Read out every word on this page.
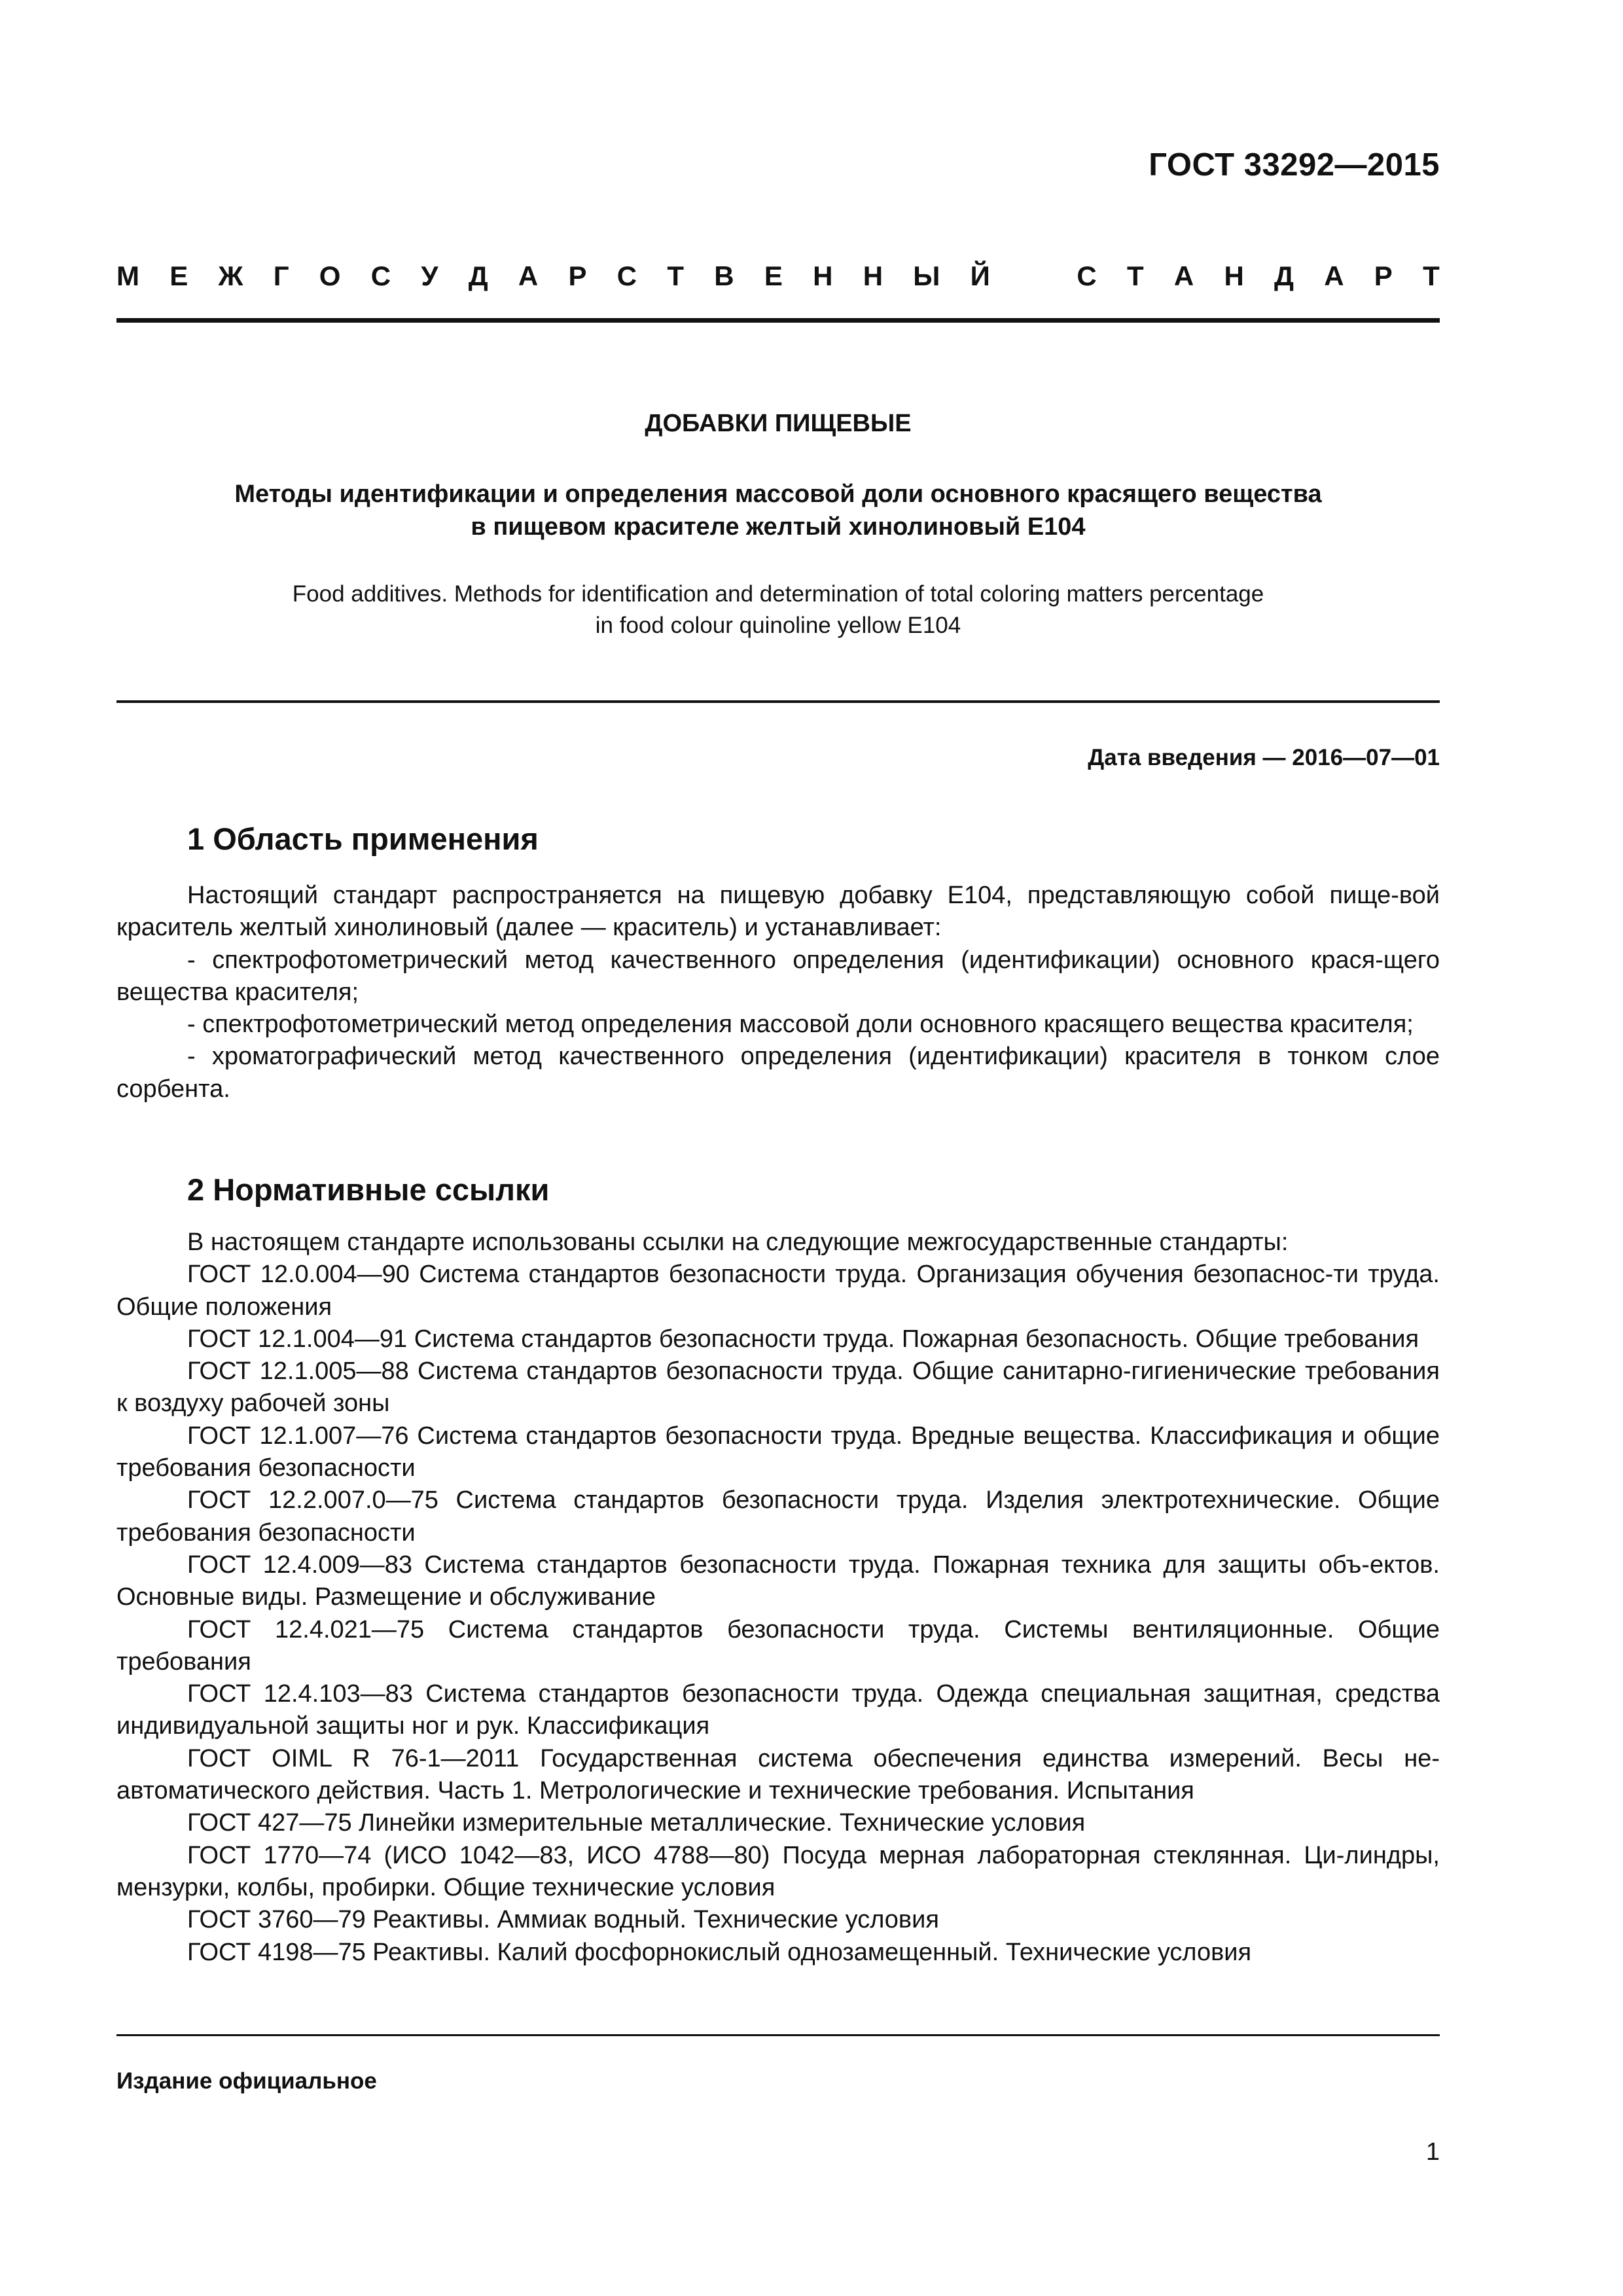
ГОСТ 33292—2015
М Е Ж Г О С У Д А Р С Т В Е Н Н Ы Й	С Т А Н Д А Р Т
ДОБАВКИ ПИЩЕВЫЕ
Методы идентификации и определения массовой доли основного красящего вещества
в пищевом красителе желтый хинолиновый Е104
Food additives. Methods for identification and determination of total coloring matters percentage
in food colour quinoline yellow E104
Дата введения — 2016—07—01
1 Область применения

Настоящий стандарт распространяется на пищевую добавку Е104, представляющую собой пище-вой краситель желтый хинолиновый (далее — краситель) и устанавливает:

- спектрофотометрический метод качественного определения (идентификации) основного крася-щего вещества красителя;

- спектрофотометрический метод определения массовой доли основного красящего вещества красителя;

- хроматографический метод качественного определения (идентификации) красителя в тонком слое сорбента.

2 Нормативные ссылки

В настоящем стандарте использованы ссылки на следующие межгосударственные стандарты:

ГОСТ 12.0.004—90 Система стандартов безопасности труда. Организация обучения безопаснос-ти труда. Общие положения

ГОСТ 12.1.004—91 Система стандартов безопасности труда. Пожарная безопасность. Общие требования

ГОСТ 12.1.005—88 Система стандартов безопасности труда. Общие санитарно-гигиенические требования к воздуху рабочей зоны

ГОСТ 12.1.007—76 Система стандартов безопасности труда. Вредные вещества. Классификация и общие требования безопасности

ГОСТ 12.2.007.0—75 Система стандартов безопасности труда. Изделия электротехнические. Общие требования безопасности

ГОСТ 12.4.009—83 Система стандартов безопасности труда. Пожарная техника для защиты объ-ектов. Основные виды. Размещение и обслуживание

ГОСТ 12.4.021—75 Система стандартов безопасности труда. Системы вентиляционные. Общие требования

ГОСТ 12.4.103—83 Система стандартов безопасности труда. Одежда специальная защитная, средства индивидуальной защиты ног и рук. Классификация

ГОСТ OIML R 76-1—2011 Государственная система обеспечения единства измерений. Весы не-автоматического действия. Часть 1. Метрологические и технические требования. Испытания

ГОСТ 427—75 Линейки измерительные металлические. Технические условия

ГОСТ 1770—74 (ИСО 1042—83, ИСО 4788—80) Посуда мерная лабораторная стеклянная. Ци-линдры, мензурки, колбы, пробирки. Общие технические условия

ГОСТ 3760—79 Реактивы. Аммиак водный. Технические условия

ГОСТ 4198—75 Реактивы. Калий фосфорнокислый однозамещенный. Технические условия

Издание официальное
1
